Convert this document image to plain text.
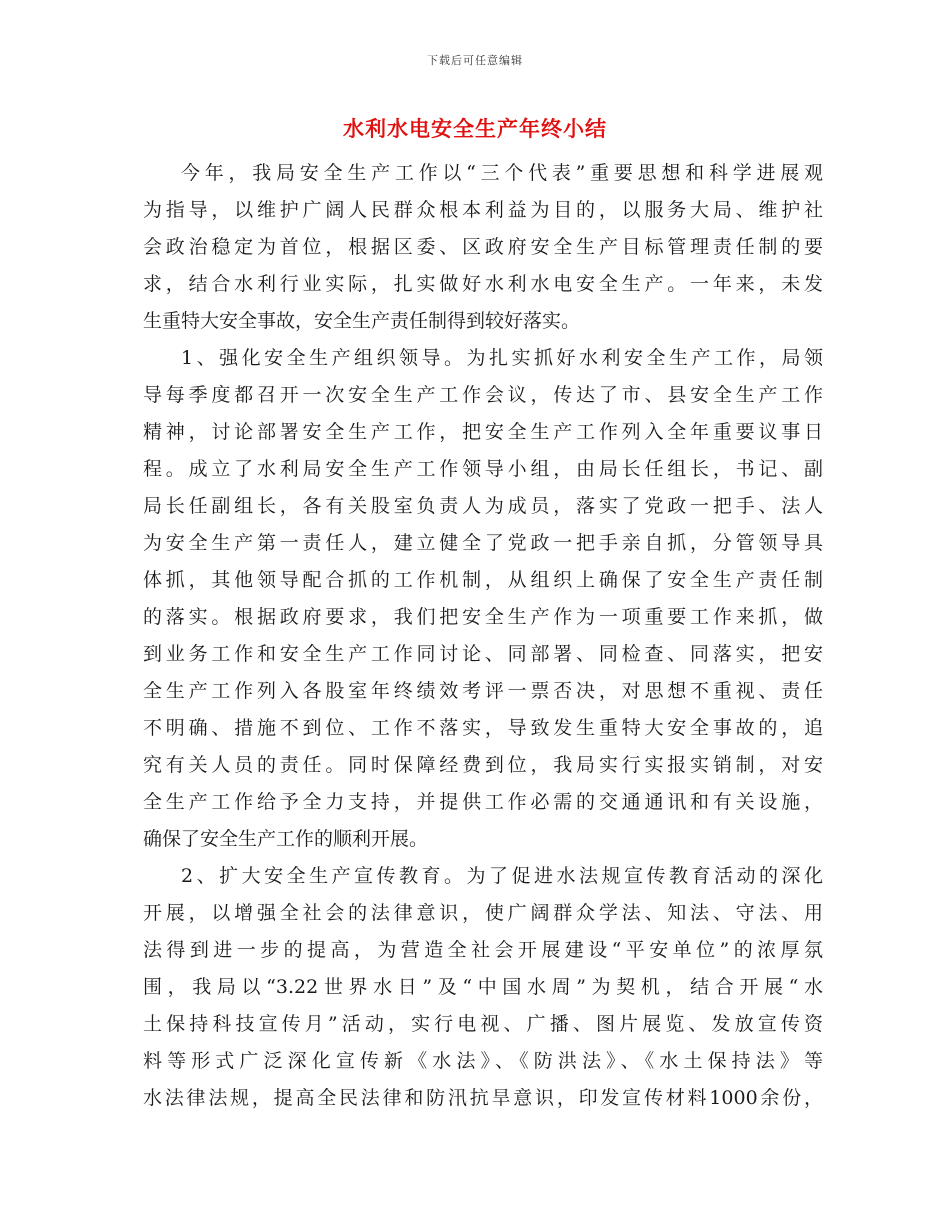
下载后可任意编辑
水利水电安全生产年终小结
今年，我局安全生产工作以“三个代表”重要思想和科学进展观
为指导，以维护广阔人民群众根本利益为目的，以服务大局、维护社
会政治稳定为首位，根据区委、区政府安全生产目标管理责任制的要
求，结合水利行业实际，扎实做好水利水电安全生产。一年来，未发
生重特大安全事故，安全生产责任制得到较好落实。
1、强化安全生产组织领导。为扎实抓好水利安全生产工作，局领
导每季度都召开一次安全生产工作会议，传达了市、县安全生产工作
精神，讨论部署安全生产工作，把安全生产工作列入全年重要议事日
程。成立了水利局安全生产工作领导小组，由局长任组长，书记、副
局长任副组长，各有关股室负责人为成员，落实了党政一把手、法人
为安全生产第一责任人，建立健全了党政一把手亲自抓，分管领导具
体抓，其他领导配合抓的工作机制，从组织上确保了安全生产责任制
的落实。根据政府要求，我们把安全生产作为一项重要工作来抓，做
到业务工作和安全生产工作同讨论、同部署、同检查、同落实，把安
全生产工作列入各股室年终绩效考评一票否决，对思想不重视、责任
不明确、措施不到位、工作不落实，导致发生重特大安全事故的，追
究有关人员的责任。同时保障经费到位，我局实行实报实销制，对安
全生产工作给予全力支持，并提供工作必需的交通通讯和有关设施，
确保了安全生产工作的顺利开展。
2、扩大安全生产宣传教育。为了促进水法规宣传教育活动的深化
开展，以增强全社会的法律意识，使广阔群众学法、知法、守法、用
法得到进一步的提高，为营造全社会开展建设“平安单位”的浓厚氛
围，我局以“3.22世界水日”及“中国水周”为契机，结合开展“水
土保持科技宣传月”活动，实行电视、广播、图片展览、发放宣传资
料等形式广泛深化宣传新《水法》、《防洪法》、《水土保持法》等
水法律法规，提高全民法律和防汛抗旱意识，印发宣传材料1000余份，
